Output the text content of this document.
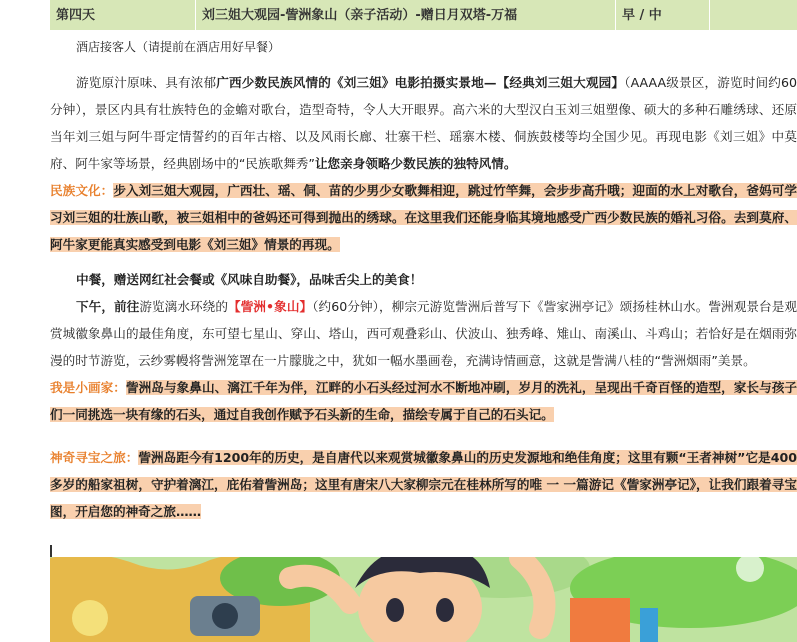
第四天	刘三姐大观园-訾洲象山（亲子活动）-赠日月双塔-万福	早 / 中

酒店接客人（请提前在酒店用好早餐）

游览原汁原味、具有浓郁广西少数民族风情的《刘三姐》电影拍摄实景地—【经典刘三姐大观园】（AAAA级景区，游览时间约60分钟），景区内具有壮族特色的金蟾对歌台，造型奇特，令人大开眼界。高六米的大型汉白玉刘三姐塑像、硕大的多种石雕绣球、还原当年刘三姐与阿牛哥定情誓约的百年古榕、以及风雨长廊、壮寨干栏、瑶寨木楼、侗族鼓楼等均全国少见。再现电影《刘三姐》中莫府、阿牛家等场景，经典剧场中的“民族歌舞秀”让您亲身领略少数民族的独特风情。

民族文化：步入刘三姐大观园，广西壮、瑶、侗、苗的少男少女歌舞相迎，跳过竹竿舞，会步步高升哦；迎面的水上对歌台，爸妈可学习刘三姐的壮族山歌，被三姐相中的爸妈还可得到抛出的绣球。在这里我们还能身临其境地感受广西少数民族的婚礼习俗。去到莫府、阿牛家更能真实感受到电影《刘三姐》情景的再现。

中餐，赠送网红社会餐或《风味自助餐》，品味舌尖上的美食！

下午，前往游览漓水环绕的【訾洲•象山】（约60分钟），柳宗元游览訾洲后普写下《訾家洲亭记》颂扬桂林山水。訾洲观景台是观赏城徽象鼻山的最佳角度，东可望七星山、穿山、塔山，西可观叠彩山、伏波山、独秀峰、雉山、南溪山、斗鸡山；若恰好是在烟雨弥漫的时节游览，云纱雾幔将訾洲笼罩在一片朦胧之中，犹如一幅水墨画卷，充满诗情画意，这就是訾满八桂的“訾洲烟雨”美景。

我是小画家：訾洲岛与象鼻山、漓江千年为伴，江畔的小石头经过河水不断地冲刷，岁月的洗礼，呈现出千奇百怪的造型，家长与孩子们一同挑选一块有缘的石头，通过自我创作赋予石头新的生命，描绘专属于自己的石头记。

神奇寻宝之旅：訾洲岛距今有1200年的历史，是自唐代以来观赏城徽象鼻山的历史发源地和绝佳角度；这里有颗“王者神树”它是400多岁的船家祖树，守护着漓江，庇佑着訾洲岛；这里有唐宋八大家柳宗元在桂林所写的唯 一 一篇游记《訾家洲亭记》，让我们跟着寻宝图，开启您的神奇之旅……
